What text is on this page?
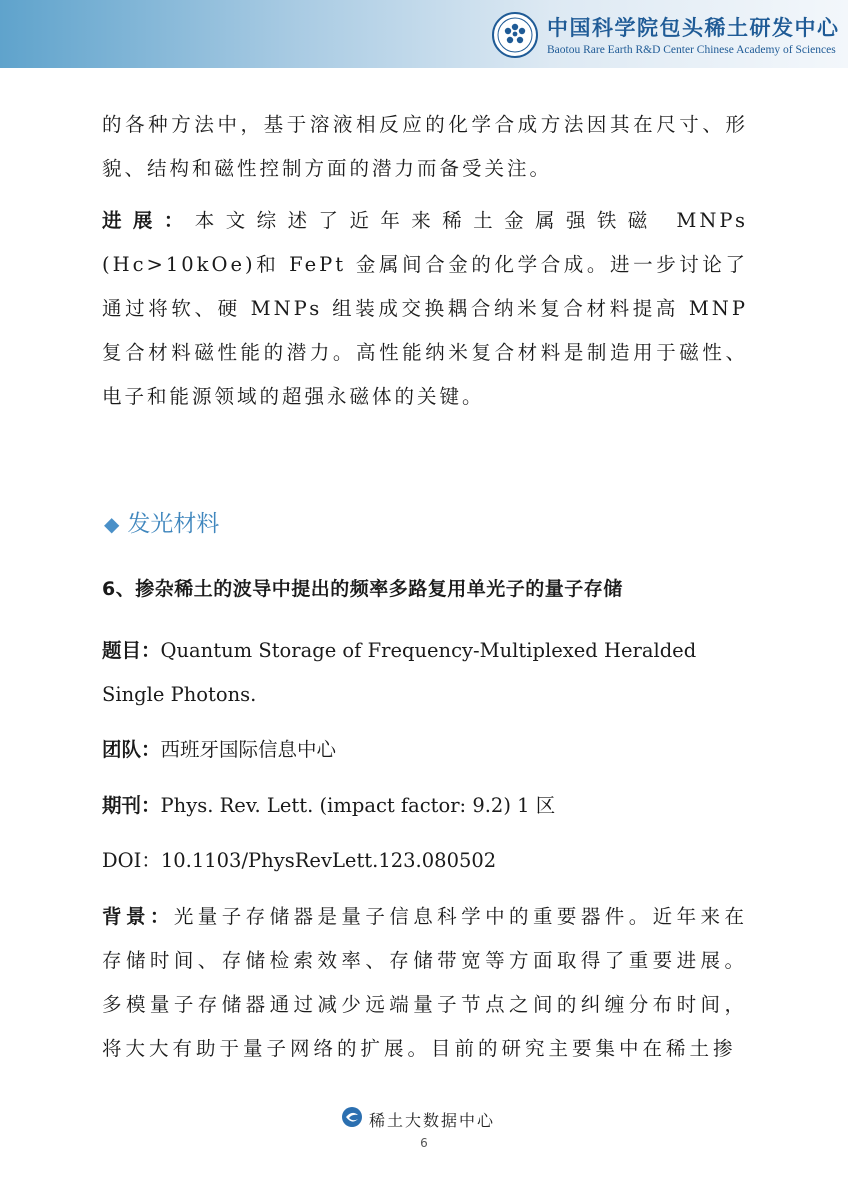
中国科学院包头稀土研发中心
Baotou Rare Earth R&D Center Chinese Academy of Sciences

的各种方法中，基于溶液相反应的化学合成方法因其在尺寸、形貌、结构和磁性控制方面的潜力而备受关注。

进展：本文综述了近年来稀土金属强铁磁 MNPs (Hc>10kOe)和 FePt 金属间合金的化学合成。进一步讨论了通过将软、硬 MNPs 组装成交换耦合纳米复合材料提高 MNP 复合材料磁性能的潜力。高性能纳米复合材料是制造用于磁性、电子和能源领域的超强永磁体的关键。

◆ 发光材料
6、掺杂稀土的波导中提出的频率多路复用单光子的量子存储

题目：Quantum Storage of Frequency-Multiplexed Heralded Single Photons.

团队：西班牙国际信息中心

期刊：Phys. Rev. Lett. (impact factor: 9.2) 1 区

DOI：10.1103/PhysRevLett.123.080502

背景：光量子存储器是量子信息科学中的重要器件。近年来在存储时间、存储检索效率、存储带宽等方面取得了重要进展。多模量子存储器通过减少远端量子节点之间的纠缠分布时间，将大大有助于量子网络的扩展。目前的研究主要集中在稀土掺

稀土大数据中心
6
